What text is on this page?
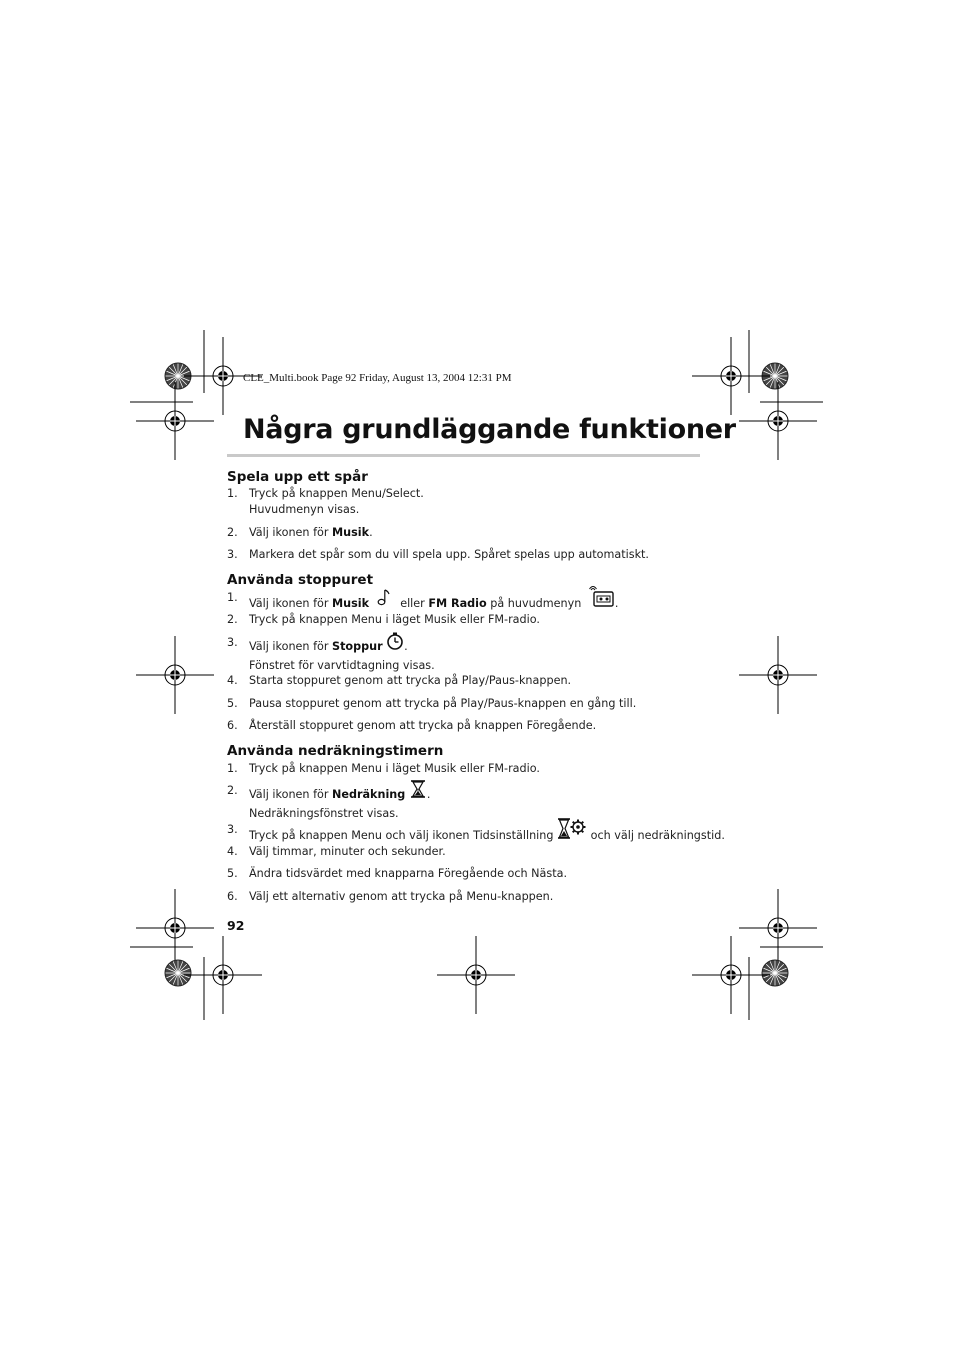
CLE_Multi.book Page 92 Friday, August 13, 2004 12:31 PM
Några grundläggande funktioner
Spela upp ett spår
1.	Tryck på knappen Menu/Select.
Huvudmenyn visas.
2.	Välj ikonen för Musik.
3.	Markera det spår som du vill spela upp. Spåret spelas upp automatiskt.
Använda stoppuret
1.	Välj ikonen för Musik	eller FM Radio på huvudmenyn	.
2.	Tryck på knappen Menu i läget Musik eller FM-radio.
3.	Välj ikonen för Stoppur .
Fönstret för varvtidtagning visas.
4.	Starta stoppuret genom att trycka på Play/Paus-knappen.
5.	Pausa stoppuret genom att trycka på Play/Paus-knappen en gång till.
6.	Återställ stoppuret genom att trycka på knappen Föregående.
Använda nedräkningstimern
1.	Tryck på knappen Menu i läget Musik eller FM-radio.
2.	Välj ikonen för Nedräkning .
Nedräkningsfönstret visas.
3.	Tryck på knappen Menu och välj ikonen Tidsinställning	och välj nedräkningstid.
4.	Välj timmar, minuter och sekunder.
5.	Ändra tidsvärdet med knapparna Föregående och Nästa.
6.	Välj ett alternativ genom att trycka på Menu-knappen.
92
